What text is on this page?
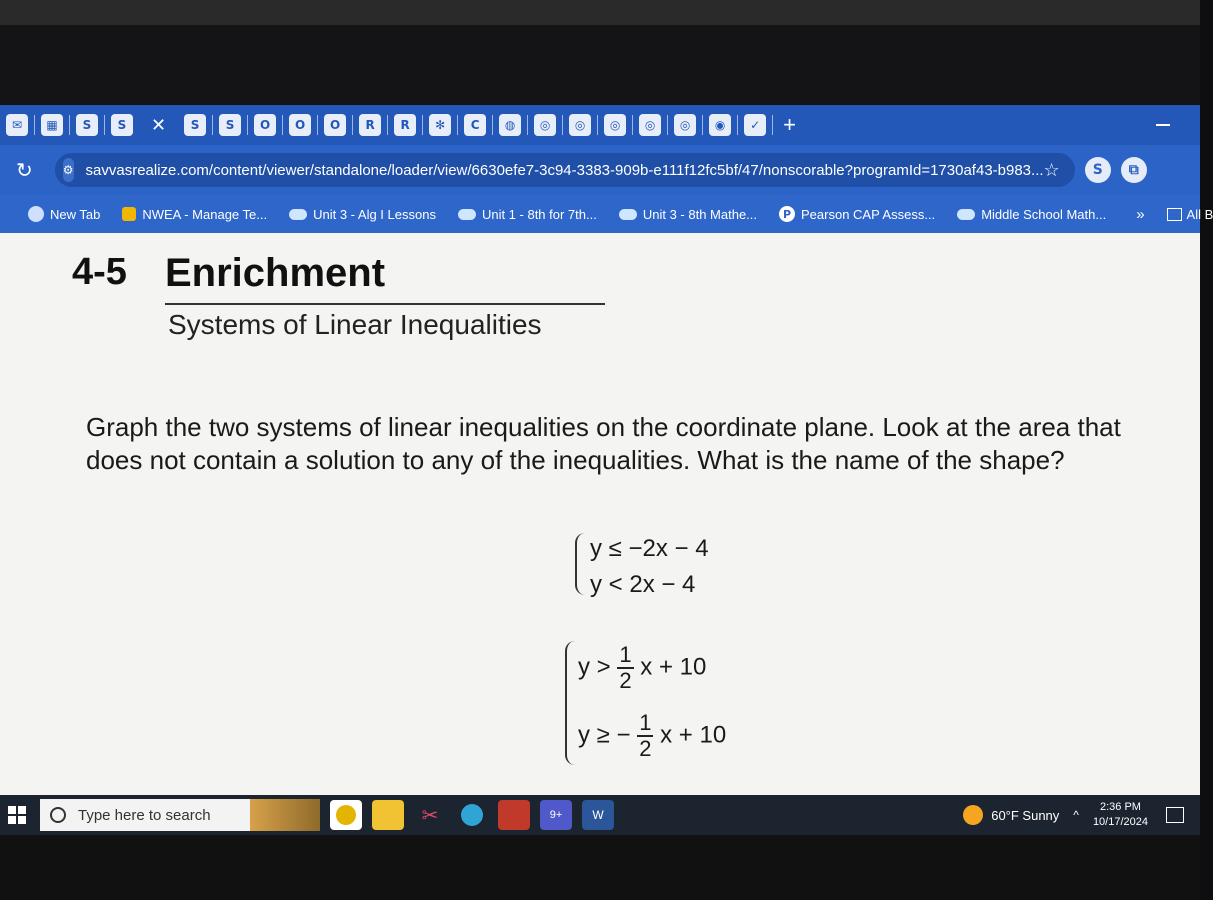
✉	▦	S	S	✕	S	S	O	O	O	R	R	✻	C	◍	◎	◎	◎	◎	◎	◉	✓ +
↻	⚙ savvasrealize.com/content/viewer/standalone/loader/view/6630efe7-3c94-3383-909b-e111f12fc5bf/47/nonscorable?programId=1730af43-b983... ☆	S	⧉
New Tab	NWEA - Manage Te...	Unit 3 - Alg I Lessons	Unit 1 - 8th for 7th...	Unit 3 - 8th Mathe...	P Pearson CAP Assess...	Middle School Math... »	All B
4-5 Enrichment
Systems of Linear Inequalities
Graph the two systems of linear inequalities on the coordinate plane. Look at the area that does not contain a solution to any of the inequalities. What is the name of the shape?
y ≤ −2x − 4
y < 2x − 4
$y > \frac{1}{2}$ x + 10
y ≥ − $\frac{1}{2}$ x + 10
Type here to search	✂	9+	W	60°F Sunny ^
2:36 PM
10/17/2024
